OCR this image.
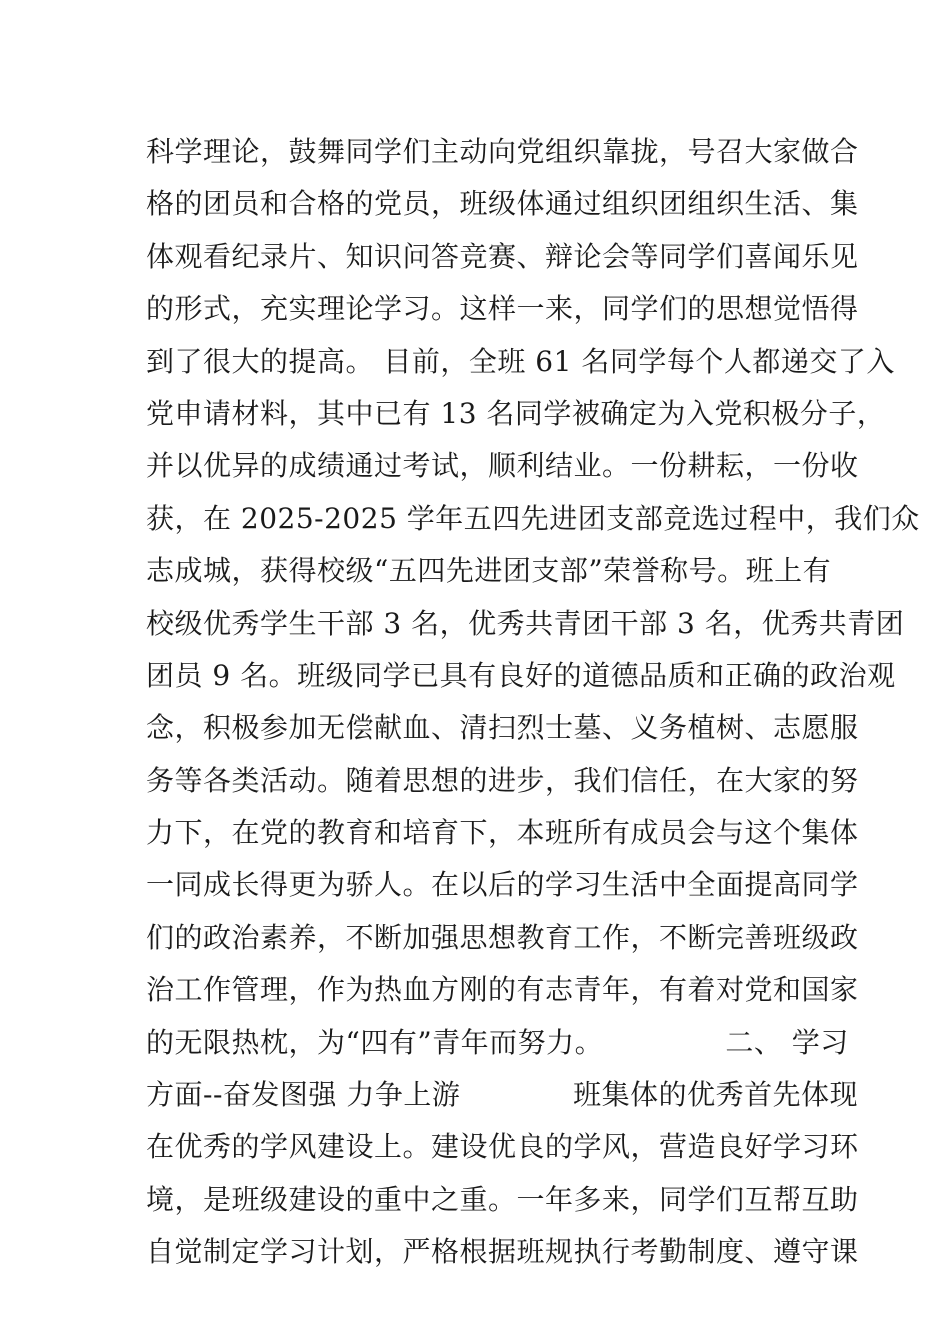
科学理论，鼓舞同学们主动向党组织靠拢，号召大家做合
格的团员和合格的党员，班级体通过组织团组织生活、集
体观看纪录片、知识问答竞赛、辩论会等同学们喜闻乐见
的形式，充实理论学习。这样一来，同学们的思想觉悟得
到了很大的提高。 目前，全班 61 名同学每个人都递交了入
党申请材料，其中已有 13 名同学被确定为入党积极分子，
并以优异的成绩通过考试，顺利结业。一份耕耘，一份收
获，在 2025-2025 学年五四先进团支部竞选过程中，我们众
志成城，获得校级“五四先进团支部”荣誉称号。班上有
校级优秀学生干部 3 名，优秀共青团干部 3 名，优秀共青团
团员 9 名。班级同学已具有良好的道德品质和正确的政治观
念，积极参加无偿献血、清扫烈士墓、义务植树、志愿服
务等各类活动。随着思想的进步，我们信任，在大家的努
力下，在党的教育和培育下，本班所有成员会与这个集体
一同成长得更为骄人。在以后的学习生活中全面提高同学
们的政治素养，不断加强思想教育工作，不断完善班级政
治工作管理，作为热血方刚的有志青年，有着对党和国家
的无限热枕，为“四有”青年而努力。             二、 学习
方面--奋发图强 力争上游            班集体的优秀首先体现
在优秀的学风建设上。建设优良的学风，营造良好学习环
境，是班级建设的重中之重。一年多来，同学们互帮互助
自觉制定学习计划，严格根据班规执行考勤制度、遵守课
